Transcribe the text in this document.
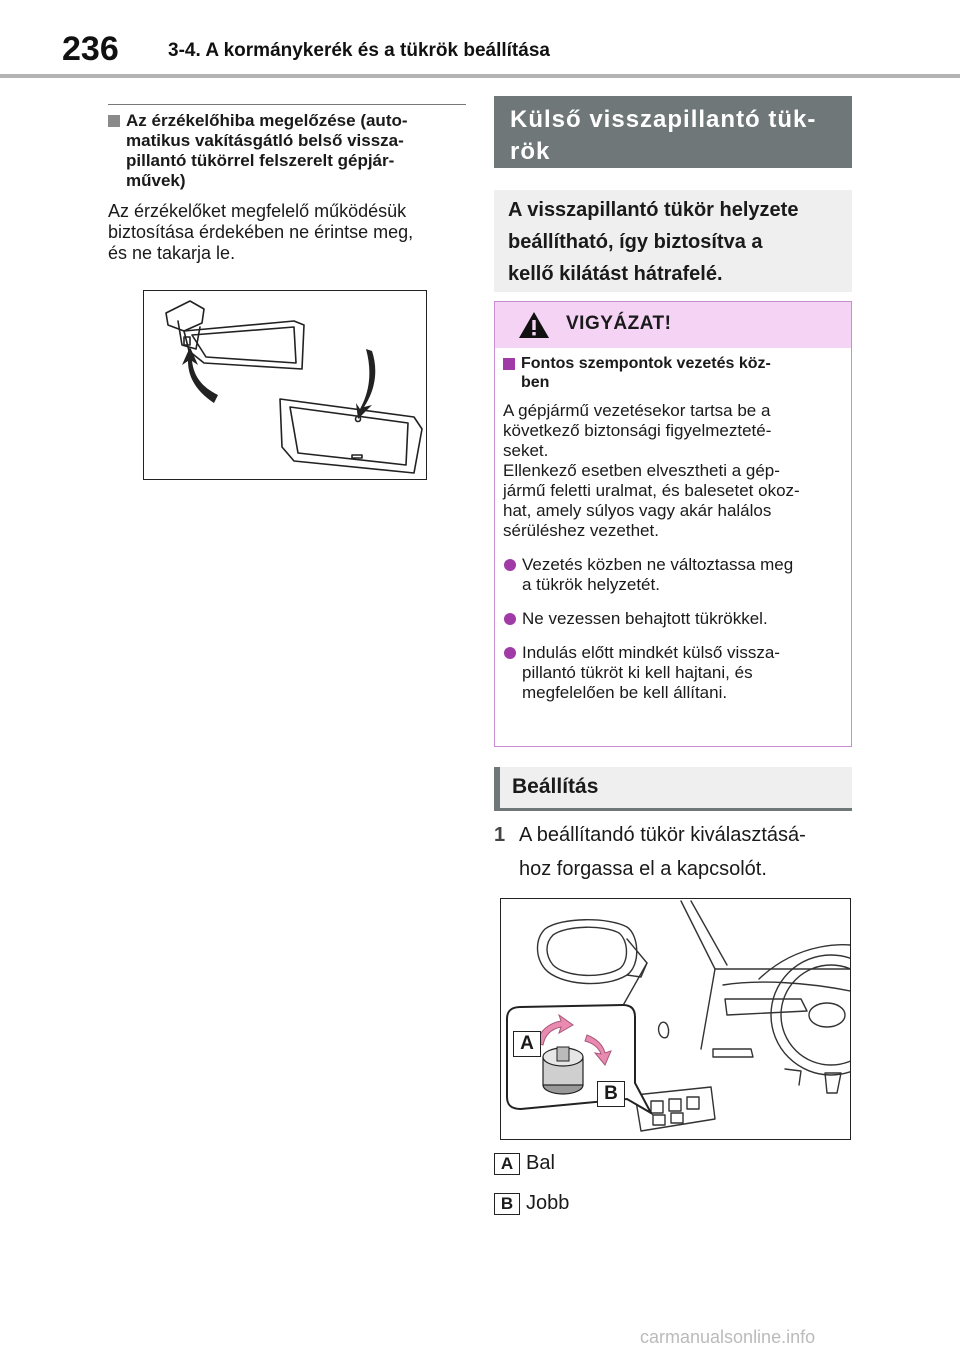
236	3-4. A kormánykerék és a tükrök beállítása
Az érzékelőhiba megelőzése (auto-
matikus vakításgátló belső vissza-
pillantó tükörrel felszerelt gépjár-
művek)
Az érzékelőket megfelelő működésük
biztosítása érdekében ne érintse meg,
és ne takarja le.
Külső visszapillantó tük-
rök
A visszapillantó tükör helyzete
beállítható, így biztosítva a
kellő kilátást hátrafelé.
VIGYÁZAT!
Fontos szempontok vezetés köz-
ben
A gépjármű vezetésekor tartsa be a
következő biztonsági figyelmezteté-
seket.
Ellenkező esetben elvesztheti a gép-
jármű feletti uralmat, és balesetet okoz-
hat, amely súlyos vagy akár halálos
sérüléshez vezethet.
Vezetés közben ne változtassa meg
a tükrök helyzetét.
Ne vezessen behajtott tükrökkel.
Indulás előtt mindkét külső vissza-
pillantó tükröt ki kell hajtani, és
megfelelően be kell állítani.
Beállítás
1 A beállítandó tükör kiválasztásá-
hoz forgassa el a kapcsolót.
A
B
A Bal
B Jobb
carmanualsonline.info
